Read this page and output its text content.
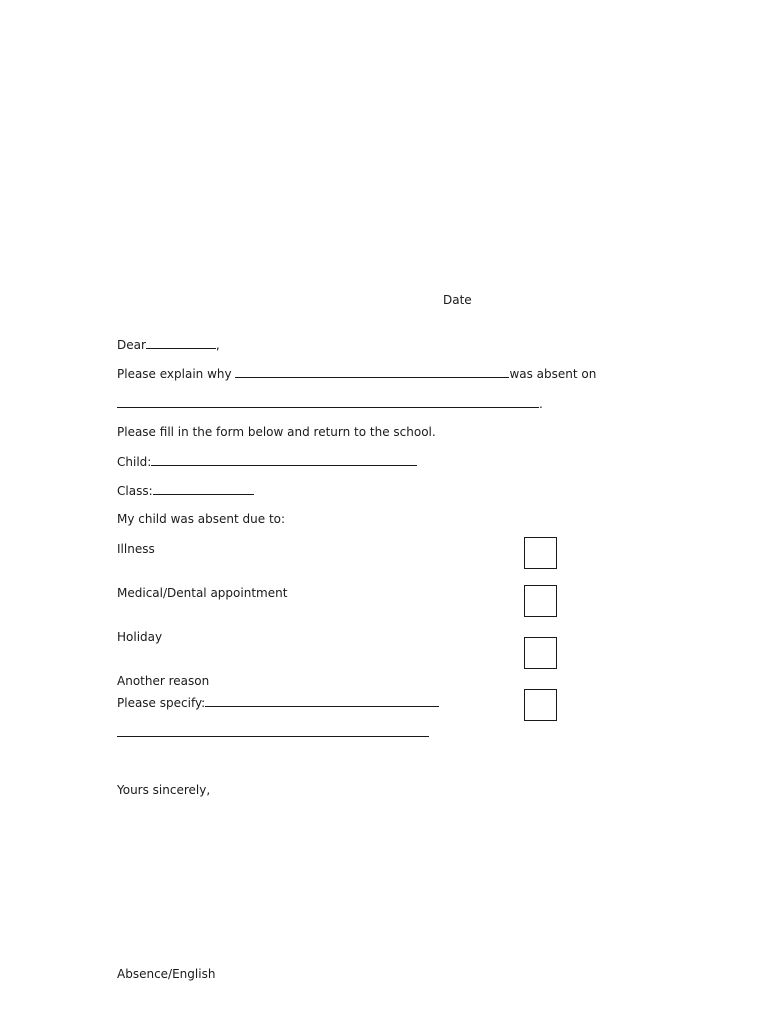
Date
Dear	,
Please explain why	was absent on
.
Please fill in the form below and return to the school.
Child:
Class:
My child was absent due to:
Illness
Medical/Dental appointment
Holiday
Another reason
Please specify:
Yours sincerely,
Absence/English
